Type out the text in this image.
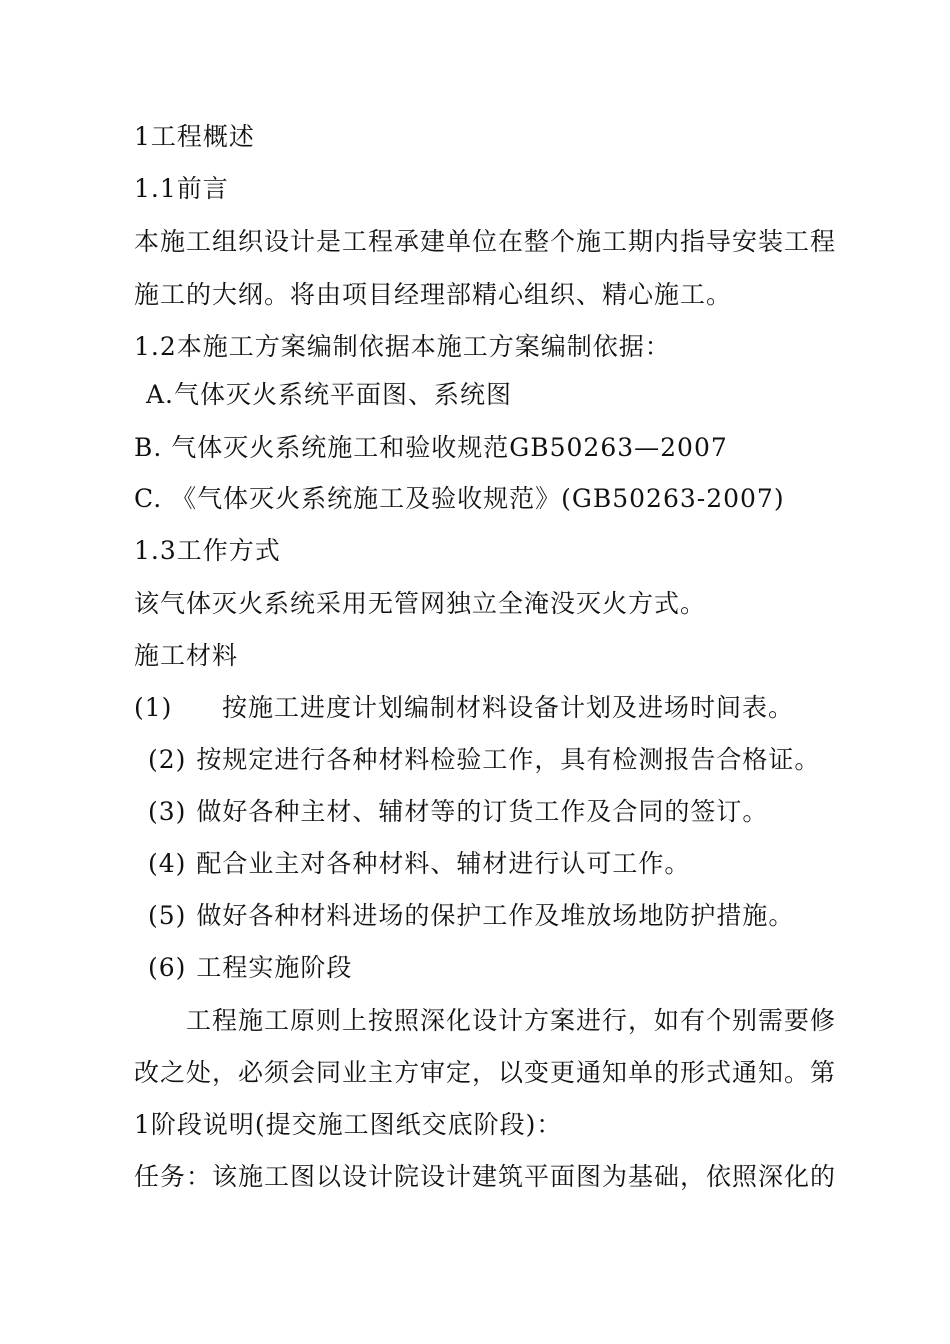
1工程概述
1.1前言
本施工组织设计是工程承建单位在整个施工期内指导安装工程
施工的大纲。将由项目经理部精心组织、精心施工。
1.2本施工方案编制依据本施工方案编制依据：
A.气体灭火系统平面图、系统图
B. 气体灭火系统施工和验收规范GB50263—2007
C. 《气体灭火系统施工及验收规范》(GB50263-2007)
1.3工作方式
该气体灭火系统采用无管网独立全淹没灭火方式。
施工材料
(1) 按施工进度计划编制材料设备计划及进场时间表。
(2) 按规定进行各种材料检验工作，具有检测报告合格证。
(3) 做好各种主材、辅材等的订货工作及合同的签订。
(4) 配合业主对各种材料、辅材进行认可工作。
(5) 做好各种材料进场的保护工作及堆放场地防护措施。
(6) 工程实施阶段
工程施工原则上按照深化设计方案进行，如有个别需要修
改之处，必须会同业主方审定，以变更通知单的形式通知。第
1阶段说明(提交施工图纸交底阶段)：
任务：该施工图以设计院设计建筑平面图为基础，依照深化的
